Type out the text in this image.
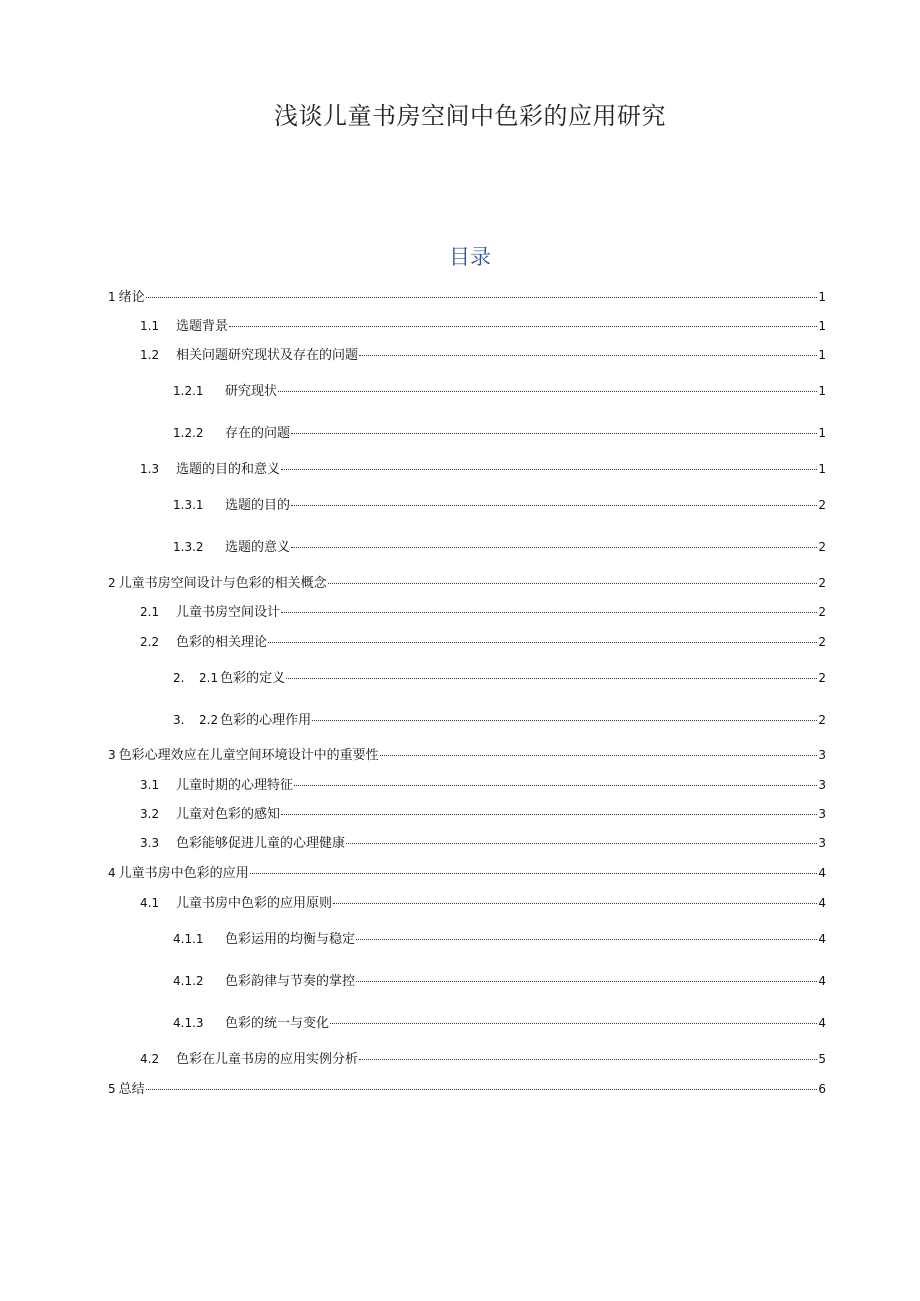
浅谈儿童书房空间中色彩的应用研究
目录
1 绪论	1
1.1	选题背景	1
1.2	相关问题研究现状及存在的问题	1
1.2.1	研究现状	1
1.2.2	存在的问题	1
1.3	选题的目的和意义	1
1.3.1	选题的目的	2
1.3.2	选题的意义	2
2 儿童书房空间设计与色彩的相关概念	2
2.1	儿童书房空间设计	2
2.2	色彩的相关理论	2
2.	2.1 色彩的定义	2
3.	2.2 色彩的心理作用	2
3 色彩心理效应在儿童空间环境设计中的重要性	3
3.1	儿童时期的心理特征	3
3.2	儿童对色彩的感知	3
3.3	色彩能够促进儿童的心理健康	3
4 儿童书房中色彩的应用	4
4.1	儿童书房中色彩的应用原则	4
4.1.1	色彩运用的均衡与稳定	4
4.1.2	色彩韵律与节奏的掌控	4
4.1.3	色彩的统一与变化	4
4.2	色彩在儿童书房的应用实例分析	5
5 总结	6
